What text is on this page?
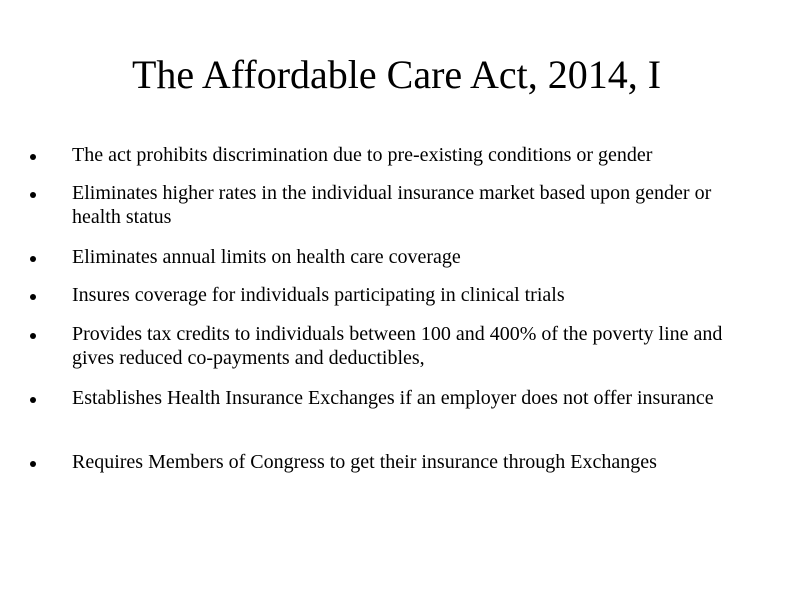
The Affordable Care Act, 2014, I
The act prohibits discrimination due to pre-existing conditions or gender
Eliminates higher rates in the individual insurance market based upon gender or health status
Eliminates annual limits on health care coverage
Insures coverage for individuals participating in clinical trials
Provides tax credits to individuals between 100 and 400% of the poverty line and gives reduced co-payments and deductibles,
Establishes Health Insurance Exchanges if an employer does not offer insurance
Requires Members of Congress to get their insurance through Exchanges
